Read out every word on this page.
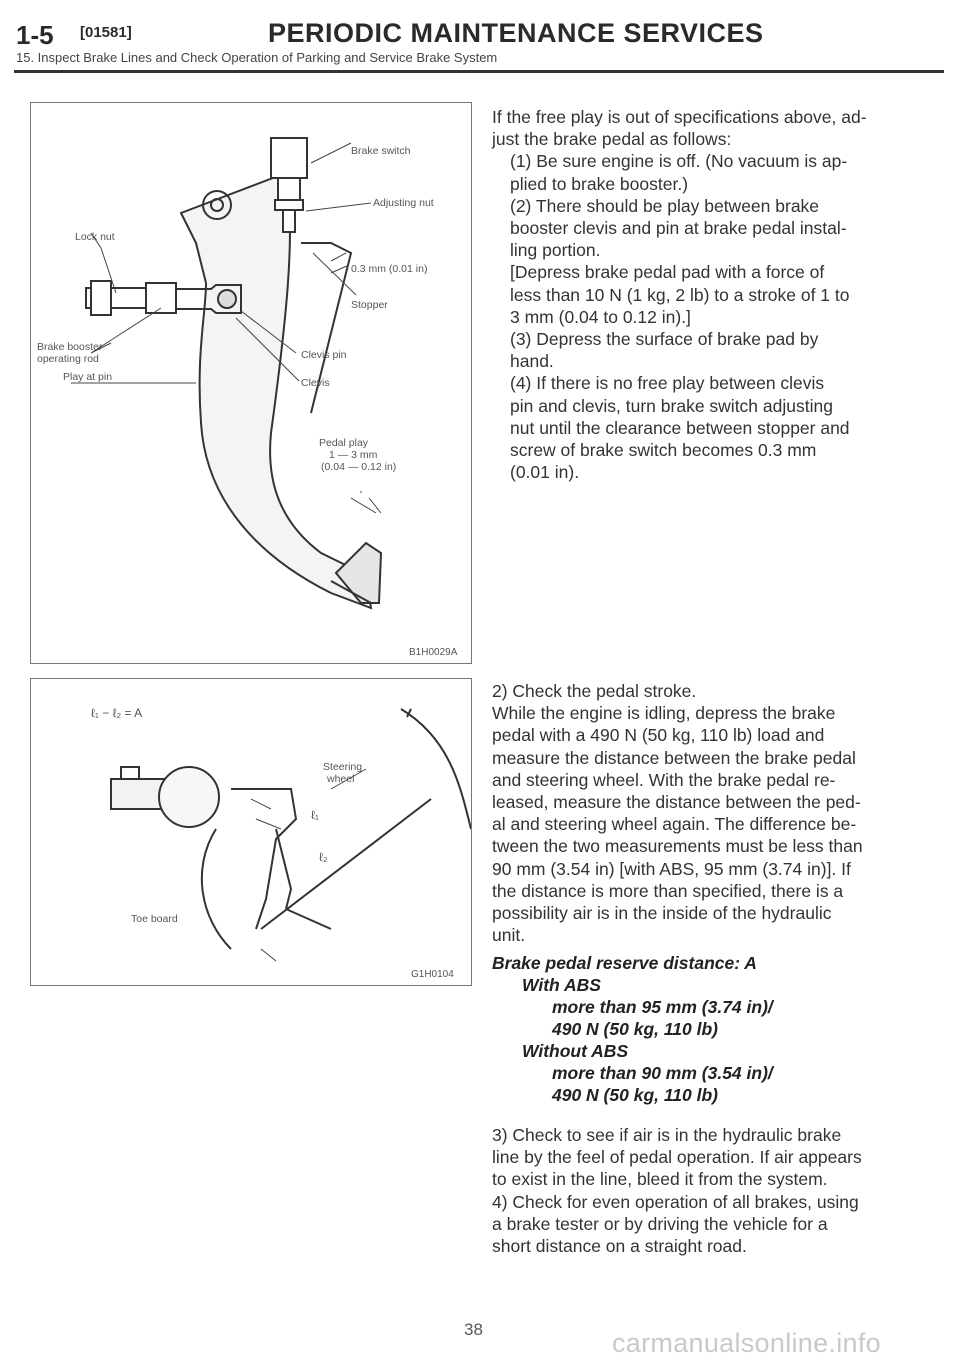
1-5 [01581]	PERIODIC MAINTENANCE SERVICES
15. Inspect Brake Lines and Check Operation of Parking and Service Brake System
Brake switch
Adjusting nut
Lock nut
0.3 mm (0.01 in)
Stopper
Brake booster
operating rod	Clevis pin
Play at pin	Clevis
Pedal play
1 — 3 mm
(0.04 — 0.12 in)
B1H0029A
ℓ₁ − ℓ₂ = A
Steering
wheel
ℓ₁
ℓ₂
Toe board
G1H0104
If the free play is out of specifications above, ad-
just the brake pedal as follows:
(1) Be sure engine is off. (No vacuum is ap-
plied to brake booster.)
(2) There should be play between brake
booster clevis and pin at brake pedal instal-
ling portion.
[Depress brake pedal pad with a force of
less than 10 N (1 kg, 2 lb) to a stroke of 1 to
3 mm (0.04 to 0.12 in).]
(3) Depress the surface of brake pad by
hand.
(4) If there is no free play between clevis
pin and clevis, turn brake switch adjusting
nut until the clearance between stopper and
screw of brake switch becomes 0.3 mm
(0.01 in).
2) Check the pedal stroke.
While the engine is idling, depress the brake
pedal with a 490 N (50 kg, 110 lb) load and
measure the distance between the brake pedal
and steering wheel. With the brake pedal re-
leased, measure the distance between the ped-
al and steering wheel again. The difference be-
tween the two measurements must be less than
90 mm (3.54 in) [with ABS, 95 mm (3.74 in)]. If
the distance is more than specified, there is a
possibility air is in the inside of the hydraulic
unit.
Brake pedal reserve distance: A
With ABS
more than 95 mm (3.74 in)/
490 N (50 kg, 110 lb)
Without ABS
more than 90 mm (3.54 in)/
490 N (50 kg, 110 lb)
3) Check to see if air is in the hydraulic brake
line by the feel of pedal operation. If air appears
to exist in the line, bleed it from the system.
4) Check for even operation of all brakes, using
a brake tester or by driving the vehicle for a
short distance on a straight road.
38	carmanualsonline.info
